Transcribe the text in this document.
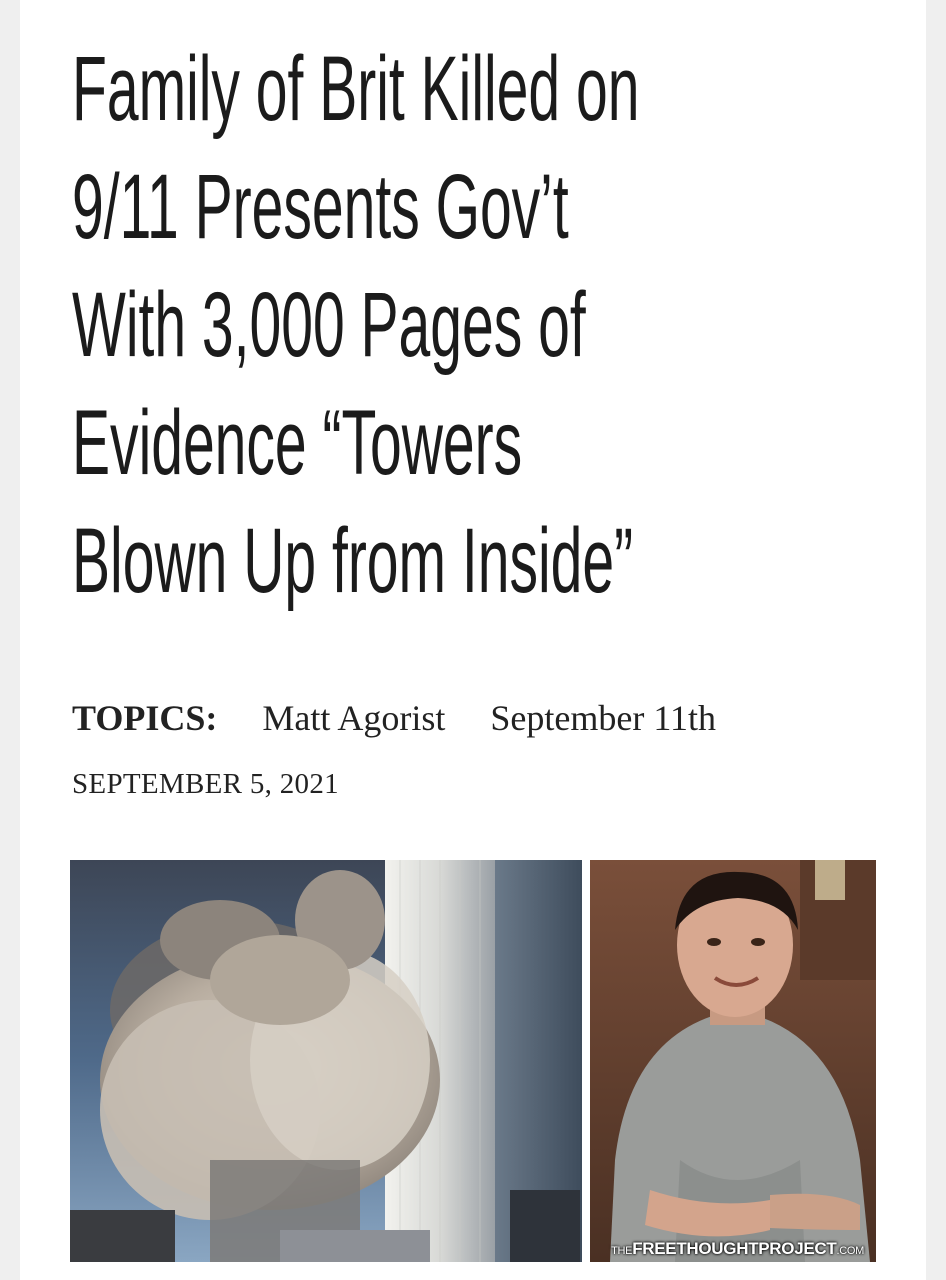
Family of Brit Killed on
9/11 Presents Gov’t
With 3,000 Pages of
Evidence “Towers
Blown Up from Inside”
TOPICS: Matt Agorist September 11th
SEPTEMBER 5, 2021
THEFREETHOUGHTPROJECT.COM
